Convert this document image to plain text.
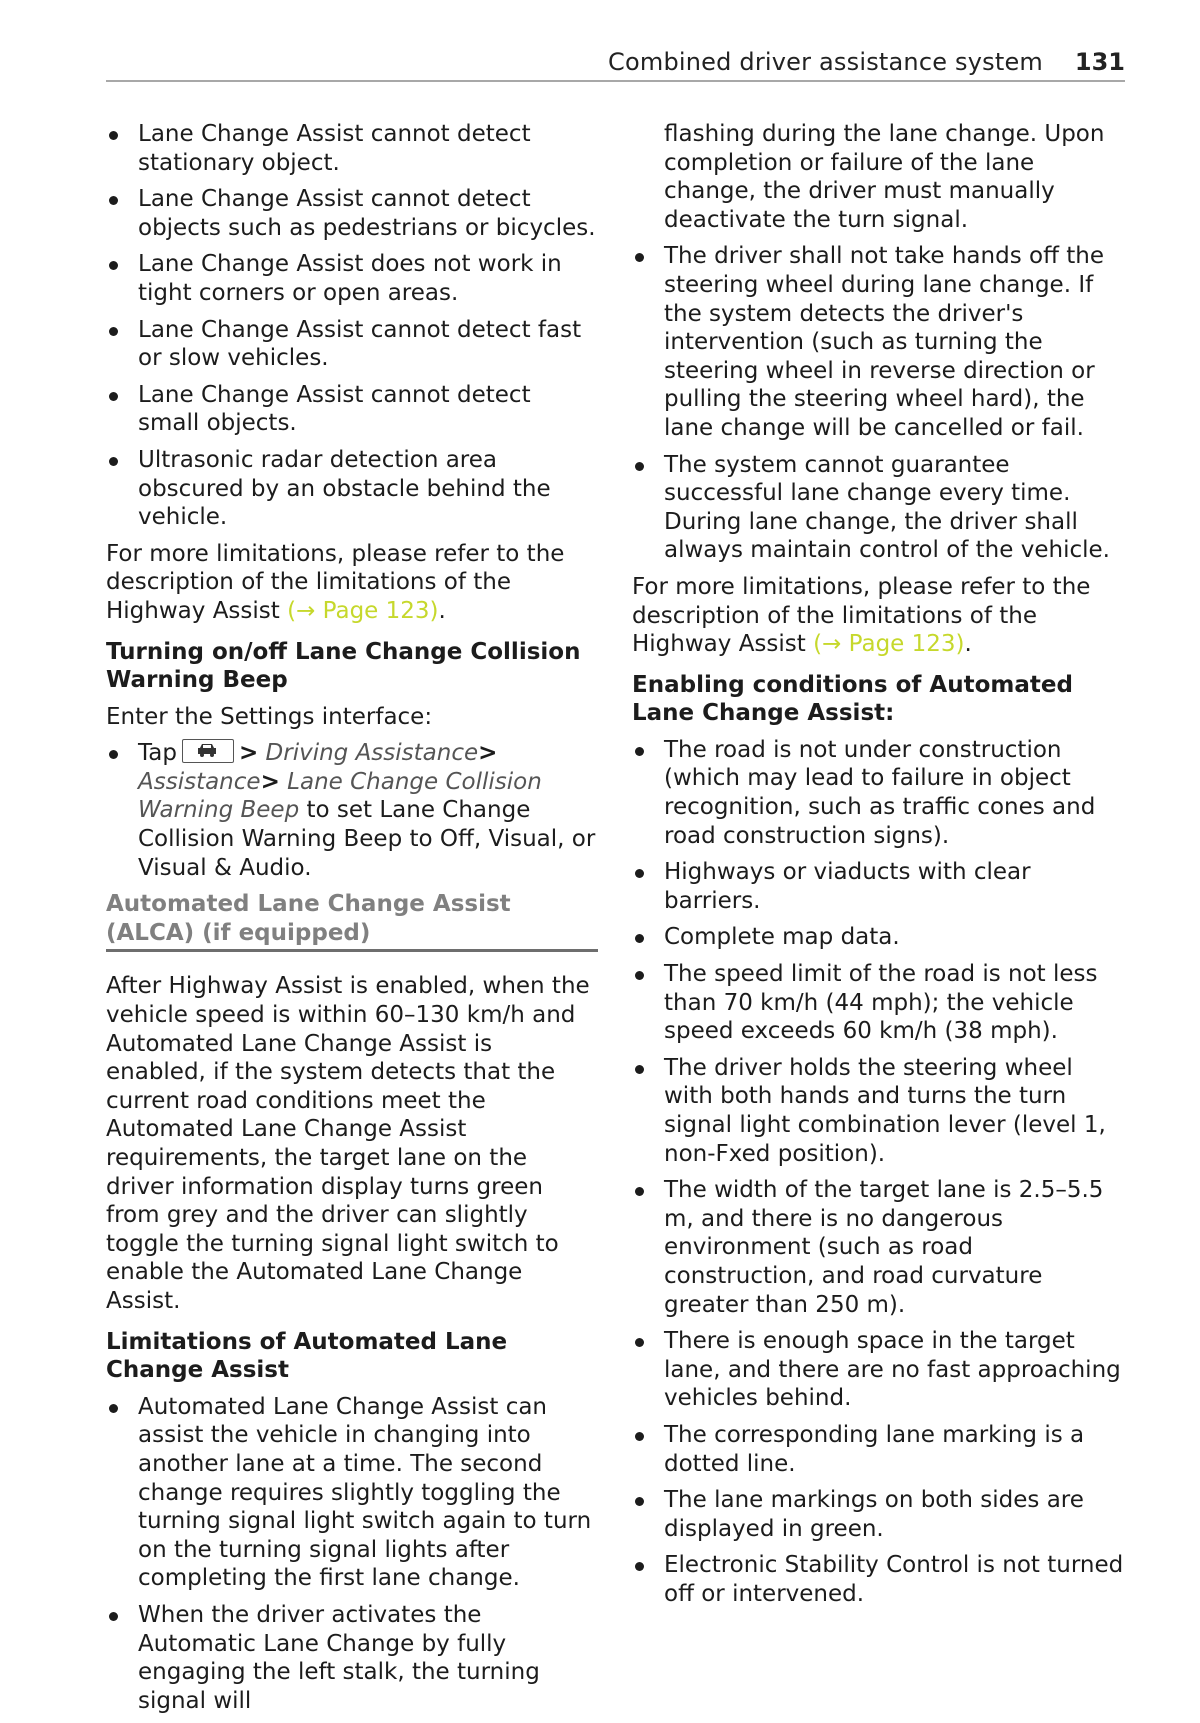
Combined driver assistance system 131
Lane Change Assist cannot detect stationary object.
Lane Change Assist cannot detect objects such as pedestrians or bicycles.
Lane Change Assist does not work in tight corners or open areas.
Lane Change Assist cannot detect fast or slow vehicles.
Lane Change Assist cannot detect small objects.
Ultrasonic radar detection area obscured by an obstacle behind the vehicle.

For more limitations, please refer to the description of the limitations of the Highway Assist (→ Page 123).

Turning on/off Lane Change Collision Warning Beep

Enter the Settings interface:

Tap	> Driving Assistance> Assistance> Lane Change Collision Warning Beep to set Lane Change Collision Warning Beep to Off, Visual, or Visual & Audio.
Automated Lane Change Assist (ALCA) (if equipped)

After Highway Assist is enabled, when the vehicle speed is within 60–130 km/h and Automated Lane Change Assist is enabled, if the system detects that the current road conditions meet the Automated Lane Change Assist requirements, the target lane on the driver information display turns green from grey and the driver can slightly toggle the turning signal light switch to enable the Automated Lane Change Assist.

Limitations of Automated Lane Change Assist
Automated Lane Change Assist can assist the vehicle in changing into another lane at a time. The second change requires slightly toggling the turning signal light switch again to turn on the turning signal lights after completing the first lane change.
When the driver activates the Automatic Lane Change by fully engaging the left stalk, the turning signal will
flashing during the lane change. Upon completion or failure of the lane change, the driver must manually deactivate the turn signal.
The driver shall not take hands off the steering wheel during lane change. If the system detects the driver's intervention (such as turning the steering wheel in reverse direction or pulling the steering wheel hard), the lane change will be cancelled or fail.
The system cannot guarantee successful lane change every time. During lane change, the driver shall always maintain control of the vehicle.

For more limitations, please refer to the description of the limitations of the Highway Assist (→ Page 123).

Enabling conditions of Automated Lane Change Assist:
The road is not under construction (which may lead to failure in object recognition, such as traffic cones and road construction signs).
Highways or viaducts with clear barriers.
Complete map data.
The speed limit of the road is not less than 70 km/h (44 mph); the vehicle speed exceeds 60 km/h (38 mph).
The driver holds the steering wheel with both hands and turns the turn signal light combination lever (level 1, non-Fxed position).
The width of the target lane is 2.5–5.5 m, and there is no dangerous environment (such as road construction, and road curvature greater than 250 m).
There is enough space in the target lane, and there are no fast approaching vehicles behind.
The corresponding lane marking is a dotted line.
The lane markings on both sides are displayed in green.
Electronic Stability Control is not turned off or intervened.
